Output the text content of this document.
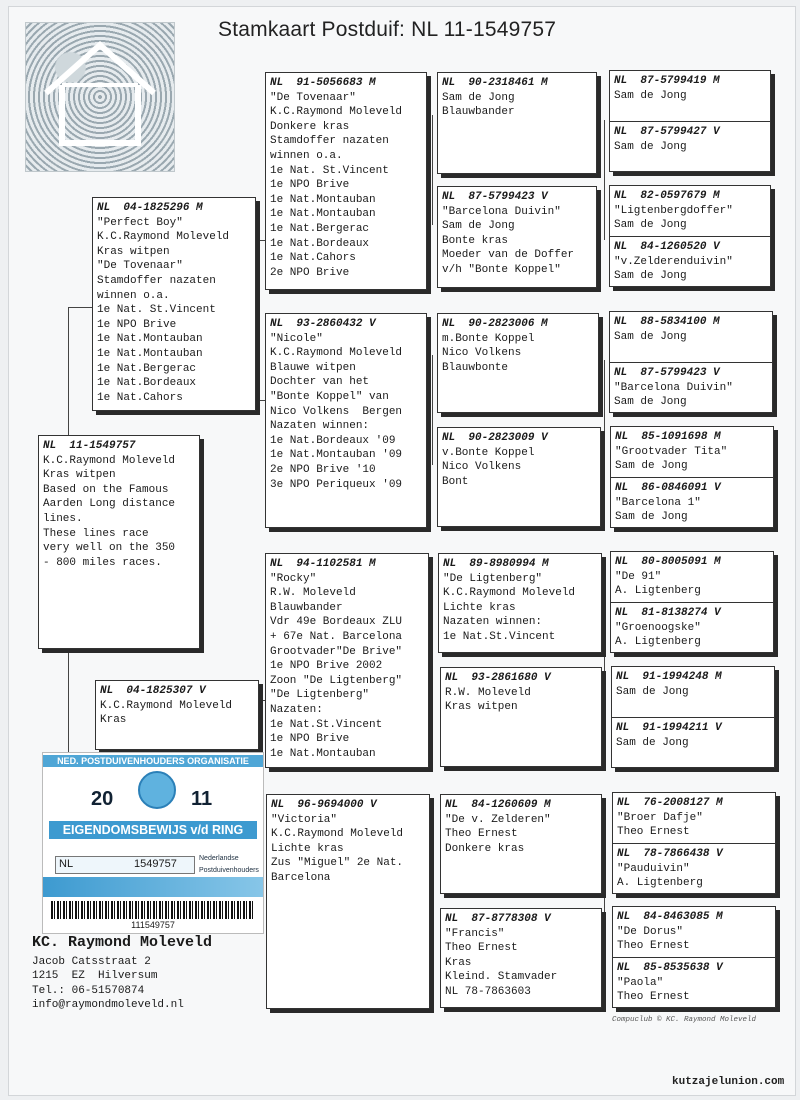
Stamkaart Postduif: NL 11-1549757
NL  11-1549757
K.C.Raymond Moleveld
Kras witpen
Based on the Famous
Aarden Long distance
lines.
These lines race
very well on the 350
- 800 miles races.
NL  04-1825296 M
"Perfect Boy"
K.C.Raymond Moleveld
Kras witpen
"De Tovenaar"
Stamdoffer nazaten
winnen o.a.
1e Nat. St.Vincent
1e NPO Brive
1e Nat.Montauban
1e Nat.Montauban
1e Nat.Bergerac
1e Nat.Bordeaux
1e Nat.Cahors
NL  04-1825307 V
K.C.Raymond Moleveld
Kras
NL  91-5056683 M
"De Tovenaar"
K.C.Raymond Moleveld
Donkere kras
Stamdoffer nazaten
winnen o.a.
1e Nat. St.Vincent
1e NPO Brive
1e Nat.Montauban
1e Nat.Montauban
1e Nat.Bergerac
1e Nat.Bordeaux
1e Nat.Cahors
2e NPO Brive
NL  93-2860432 V
"Nicole"
K.C.Raymond Moleveld
Blauwe witpen
Dochter van het
"Bonte Koppel" van
Nico Volkens  Bergen
Nazaten winnen:
1e Nat.Bordeaux '09
1e Nat.Montauban '09
2e NPO Brive '10
3e NPO Periqueux '09
NL  94-1102581 M
"Rocky"
R.W. Moleveld
Blauwbander
Vdr 49e Bordeaux ZLU
+ 67e Nat. Barcelona
Grootvader"De Brive"
1e NPO Brive 2002
Zoon "De Ligtenberg"
"De Ligtenberg"
Nazaten:
1e Nat.St.Vincent
1e NPO Brive
1e Nat.Montauban
NL  96-9694000 V
"Victoria"
K.C.Raymond Moleveld
Lichte kras
Zus "Miguel" 2e Nat.
Barcelona
NL  90-2318461 M
Sam de Jong
Blauwbander
NL  87-5799423 V
"Barcelona Duivin"
Sam de Jong
Bonte kras
Moeder van de Doffer
v/h "Bonte Koppel"
NL  90-2823006 M
m.Bonte Koppel
Nico Volkens
Blauwbonte
NL  90-2823009 V
v.Bonte Koppel
Nico Volkens
Bont
NL  89-8980994 M
"De Ligtenberg"
K.C.Raymond Moleveld
Lichte kras
Nazaten winnen:
1e Nat.St.Vincent
NL  93-2861680 V
R.W. Moleveld
Kras witpen
NL  84-1260609 M
"De v. Zelderen"
Theo Ernest
Donkere kras
NL  87-8778308 V
"Francis"
Theo Ernest
Kras
Kleind. Stamvader
NL 78-7863603
NL  87-5799419 M
Sam de Jong
NL  87-5799427 V
Sam de Jong
NL  82-0597679 M
"Ligtenbergdoffer"
Sam de Jong
NL  84-1260520 V
"v.Zelderenduivin"
Sam de Jong
NL  88-5834100 M
Sam de Jong
NL  87-5799423 V
"Barcelona Duivin"
Sam de Jong
NL  85-1091698 M
"Grootvader Tita"
Sam de Jong
NL  86-0846091 V
"Barcelona 1"
Sam de Jong
NL  80-8005091 M
"De 91"
A. Ligtenberg
NL  81-8138274 V
"Groenoogske"
A. Ligtenberg
NL  91-1994248 M
Sam de Jong
NL  91-1994211 V
Sam de Jong
NL  76-2008127 M
"Broer Dafje"
Theo Ernest
NL  78-7866438 V
"Pauduivin"
A. Ligtenberg
NL  84-8463085 M
"De Dorus"
Theo Ernest
NL  85-8535638 V
"Paola"
Theo Ernest
NED. POSTDUIVENHOUDERS ORGANISATIE
20	11
EIGENDOMSBEWIJS v/d RING
NL	1549757	Nederlandse
Postduivenhouders
111549757
KC. Raymond Moleveld
Jacob Catsstraat 2
1215  EZ  Hilversum
Tel.: 06-51570874
info@raymondmoleveld.nl
Compuclub © KC. Raymond Moleveld
kutzajelunion.com
